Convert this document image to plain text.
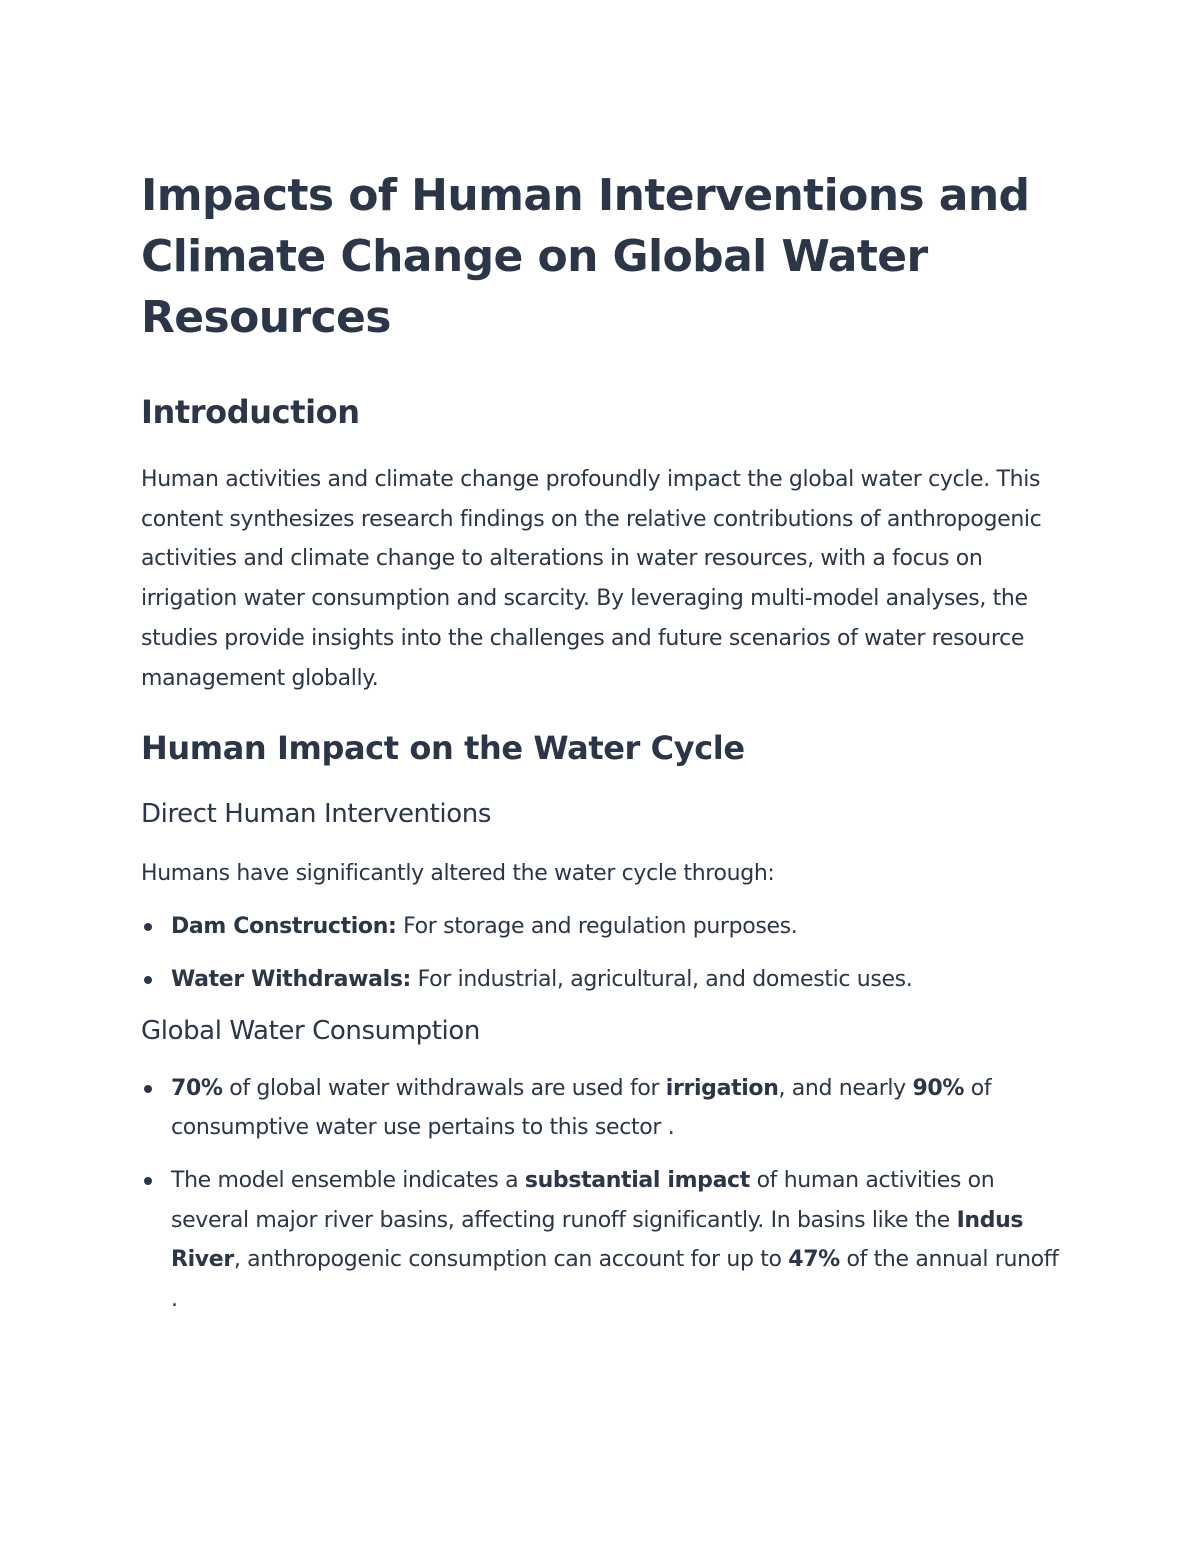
Impacts of Human Interventions and Climate Change on Global Water Resources
Introduction

Human activities and climate change profoundly impact the global water cycle. This content synthesizes research findings on the relative contributions of anthropogenic activities and climate change to alterations in water resources, with a focus on irrigation water consumption and scarcity. By leveraging multi-model analyses, the studies provide insights into the challenges and future scenarios of water resource management globally.

Human Impact on the Water Cycle
Direct Human Interventions

Humans have significantly altered the water cycle through:

Dam Construction: For storage and regulation purposes.
Water Withdrawals: For industrial, agricultural, and domestic uses.
Global Water Consumption
70% of global water withdrawals are used for irrigation, and nearly 90% of consumptive water use pertains to this sector .
The model ensemble indicates a substantial impact of human activities on several major river basins, affecting runoff significantly. In basins like the Indus River, anthropogenic consumption can account for up to 47% of the annual runoff .
